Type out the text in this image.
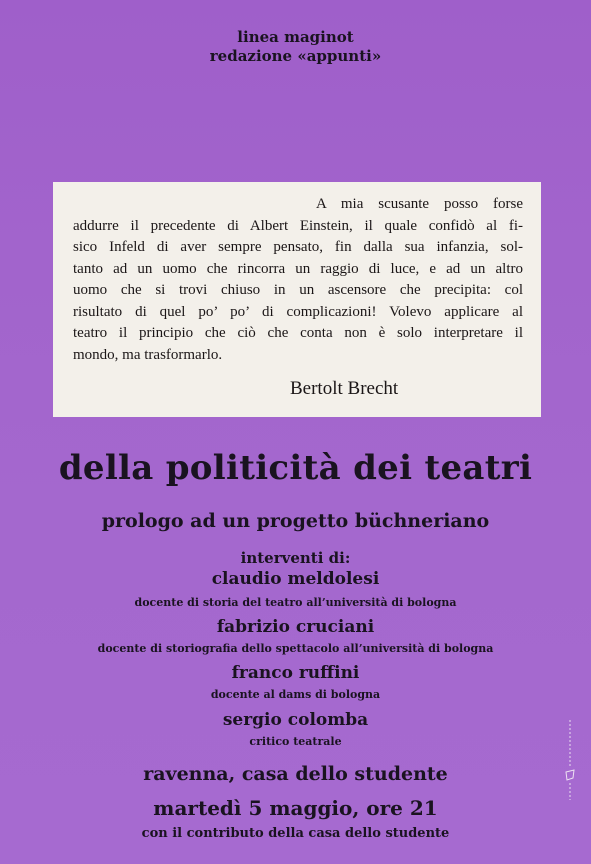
linea maginot
redazione «appunti»
A mia scusante posso forse
addurre il precedente di Albert Einstein, il quale confidò al fi-
sico Infeld di aver sempre pensato, fin dalla sua infanzia, sol-
tanto ad un uomo che rincorra un raggio di luce, e ad un altro
uomo che si trovi chiuso in un ascensore che precipita: col
risultato di quel po’ po’ di complicazioni! Volevo applicare al
teatro il principio che ciò che conta non è solo interpretare il
mondo, ma trasformarlo.
Bertolt Brecht
della politicità dei teatri
prologo ad un progetto büchneriano
interventi di:
claudio meldolesi
docente di storia del teatro all’università di bologna
fabrizio cruciani
docente di storiografia dello spettacolo all’università di bologna
franco ruffini
docente al dams di bologna
sergio colomba
critico teatrale
ravenna, casa dello studente
martedì 5 maggio, ore 21
con il contributo della casa dello studente
